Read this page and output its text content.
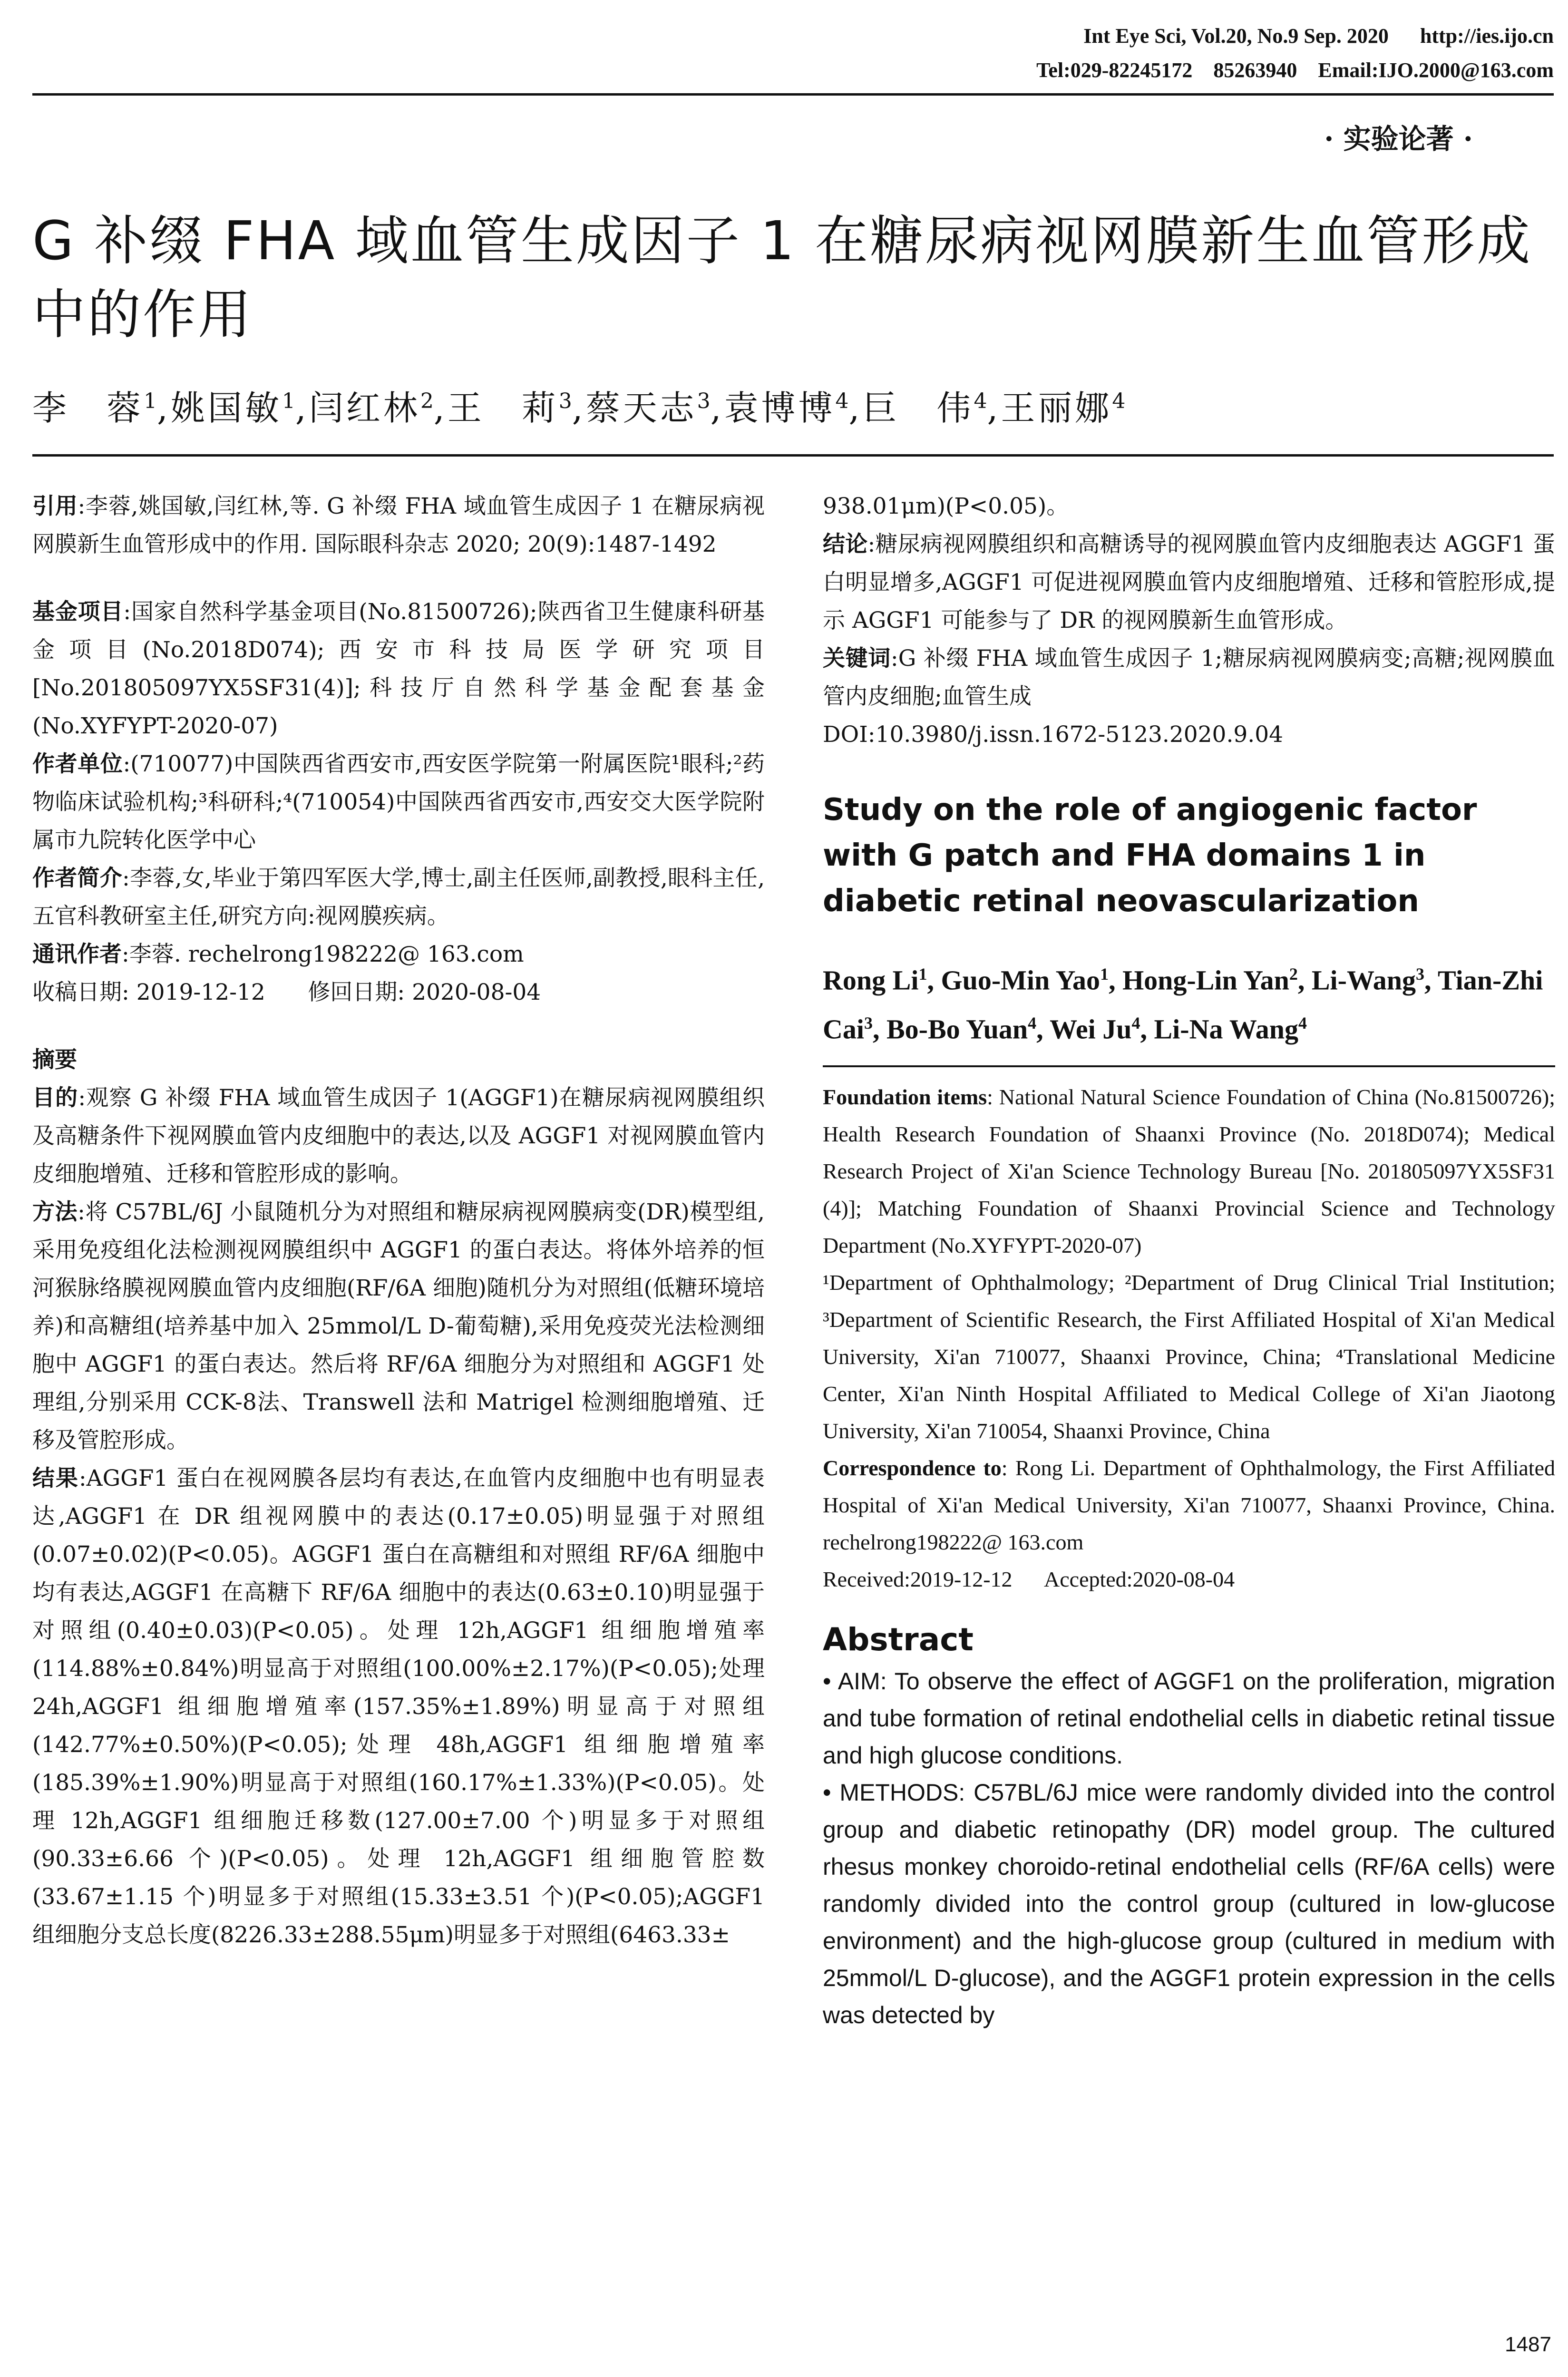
Int Eye Sci, Vol.20, No.9 Sep. 2020      http://ies.ijo.cn
Tel:029-82245172    85263940    Email:IJO.2000@163.com
· 实验论著 ·
G 补缀 FHA 域血管生成因子 1 在糖尿病视网膜新生血管形成中的作用
李　蓉$^1$,姚国敏$^1$,闫红林$^2$,王　莉$^3$,蔡天志$^3$,袁博博$^4$,巨　伟$^4$,王丽娜$^4$

引用:李蓉,姚国敏,闫红林,等. G 补缀 FHA 域血管生成因子 1 在糖尿病视网膜新生血管形成中的作用. 国际眼科杂志 2020; 20(9):1487-1492

基金项目:国家自然科学基金项目(No.81500726);陕西省卫生健康科研基金项目(No.2018D074);西安市科技局医学研究项目[No.201805097YX5SF31(4)];科技厅自然科学基金配套基金(No.XYFYPT-2020-07)

作者单位:(710077)中国陕西省西安市,西安医学院第一附属医院¹眼科;²药物临床试验机构;³科研科;⁴(710054)中国陕西省西安市,西安交大医学院附属市九院转化医学中心

作者简介:李蓉,女,毕业于第四军医大学,博士,副主任医师,副教授,眼科主任,五官科教研室主任,研究方向:视网膜疾病。

通讯作者:李蓉. rechelrong198222@ 163.com

收稿日期: 2019-12-12      修回日期: 2020-08-04

摘要

目的:观察 G 补缀 FHA 域血管生成因子 1(AGGF1)在糖尿病视网膜组织及高糖条件下视网膜血管内皮细胞中的表达,以及 AGGF1 对视网膜血管内皮细胞增殖、迁移和管腔形成的影响。

方法:将 C57BL/6J 小鼠随机分为对照组和糖尿病视网膜病变(DR)模型组,采用免疫组化法检测视网膜组织中 AGGF1 的蛋白表达。将体外培养的恒河猴脉络膜视网膜血管内皮细胞(RF/6A 细胞)随机分为对照组(低糖环境培养)和高糖组(培养基中加入 25mmol/L D-葡萄糖),采用免疫荧光法检测细胞中 AGGF1 的蛋白表达。然后将 RF/6A 细胞分为对照组和 AGGF1 处理组,分别采用 CCK-8法、Transwell 法和 Matrigel 检测细胞增殖、迁移及管腔形成。

结果:AGGF1 蛋白在视网膜各层均有表达,在血管内皮细胞中也有明显表达,AGGF1 在 DR 组视网膜中的表达(0.17±0.05)明显强于对照组(0.07±0.02)(P<0.05)。AGGF1 蛋白在高糖组和对照组 RF/6A 细胞中均有表达,AGGF1 在高糖下 RF/6A 细胞中的表达(0.63±0.10)明显强于对照组(0.40±0.03)(P<0.05)。处理 12h,AGGF1 组细胞增殖率(114.88%±0.84%)明显高于对照组(100.00%±2.17%)(P<0.05);处理 24h,AGGF1 组细胞增殖率(157.35%±1.89%)明显高于对照组(142.77%±0.50%)(P<0.05);处理 48h,AGGF1 组细胞增殖率(185.39%±1.90%)明显高于对照组(160.17%±1.33%)(P<0.05)。处理 12h,AGGF1 组细胞迁移数(127.00±7.00 个)明显多于对照组(90.33±6.66 个)(P<0.05)。处理 12h,AGGF1 组细胞管腔数(33.67±1.15 个)明显多于对照组(15.33±3.51 个)(P<0.05);AGGF1 组细胞分支总长度(8226.33±288.55μm)明显多于对照组(6463.33±

938.01μm)(P<0.05)。

结论:糖尿病视网膜组织和高糖诱导的视网膜血管内皮细胞表达 AGGF1 蛋白明显增多,AGGF1 可促进视网膜血管内皮细胞增殖、迁移和管腔形成,提示 AGGF1 可能参与了 DR 的视网膜新生血管形成。

关键词:G 补缀 FHA 域血管生成因子 1;糖尿病视网膜病变;高糖;视网膜血管内皮细胞;血管生成

DOI:10.3980/j.issn.1672-5123.2020.9.04

Study on the role of angiogenic factor with G patch and FHA domains 1 in diabetic retinal neovascularization

Rong Li$^1$, Guo-Min Yao$^1$, Hong-Lin Yan$^2$, Li-Wang$^3$, Tian-Zhi Cai$^3$, Bo-Bo Yuan$^4$, Wei Ju$^4$, Li-Na Wang$^4$

Foundation items: National Natural Science Foundation of China (No.81500726); Health Research Foundation of Shaanxi Province (No. 2018D074); Medical Research Project of Xi'an Science Technology Bureau [No. 201805097YX5SF31 (4)]; Matching Foundation of Shaanxi Provincial Science and Technology Department (No.XYFYPT-2020-07)

¹Department of Ophthalmology; ²Department of Drug Clinical Trial Institution; ³Department of Scientific Research, the First Affiliated Hospital of Xi'an Medical University, Xi'an 710077, Shaanxi Province, China; ⁴Translational Medicine Center, Xi'an Ninth Hospital Affiliated to Medical College of Xi'an Jiaotong University, Xi'an 710054, Shaanxi Province, China

Correspondence to: Rong Li. Department of Ophthalmology, the First Affiliated Hospital of Xi'an Medical University, Xi'an 710077, Shaanxi Province, China. rechelrong198222@ 163.com

Received:2019-12-12      Accepted:2020-08-04

Abstract

• AIM: To observe the effect of AGGF1 on the proliferation, migration and tube formation of retinal endothelial cells in diabetic retinal tissue and high glucose conditions.

• METHODS: C57BL/6J mice were randomly divided into the control group and diabetic retinopathy (DR) model group. The cultured rhesus monkey choroido-retinal endothelial cells (RF/6A cells) were randomly divided into the control group (cultured in low-glucose environment) and the high-glucose group (cultured in medium with 25mmol/L D-glucose), and the AGGF1 protein expression in the cells was detected by

1487
